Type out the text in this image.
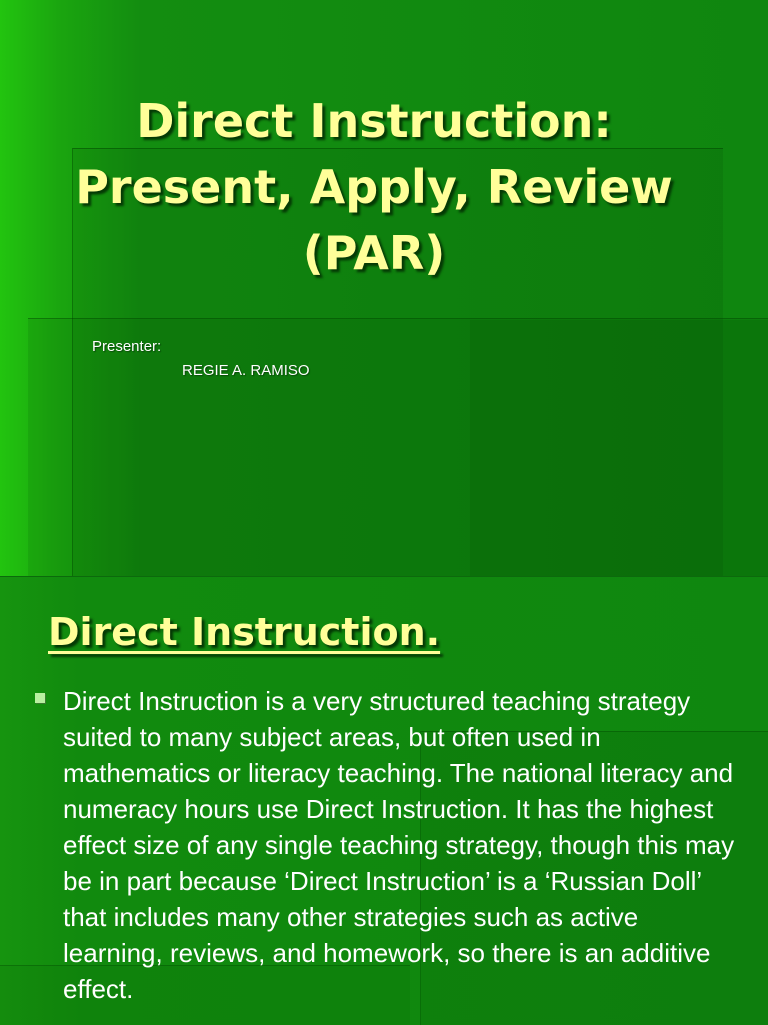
Direct Instruction: Present, Apply, Review (PAR)
Presenter:
REGIE A. RAMISO
Direct Instruction.

Direct Instruction is a very structured teaching strategy suited to many subject areas, but often used in mathematics or literacy teaching. The national literacy and numeracy hours use Direct Instruction. It has the highest effect size of any single teaching strategy, though this may be in part because ‘Direct Instruction’ is a ‘Russian Doll’ that includes many other strategies such as active learning, reviews, and homework, so there is an additive effect.
